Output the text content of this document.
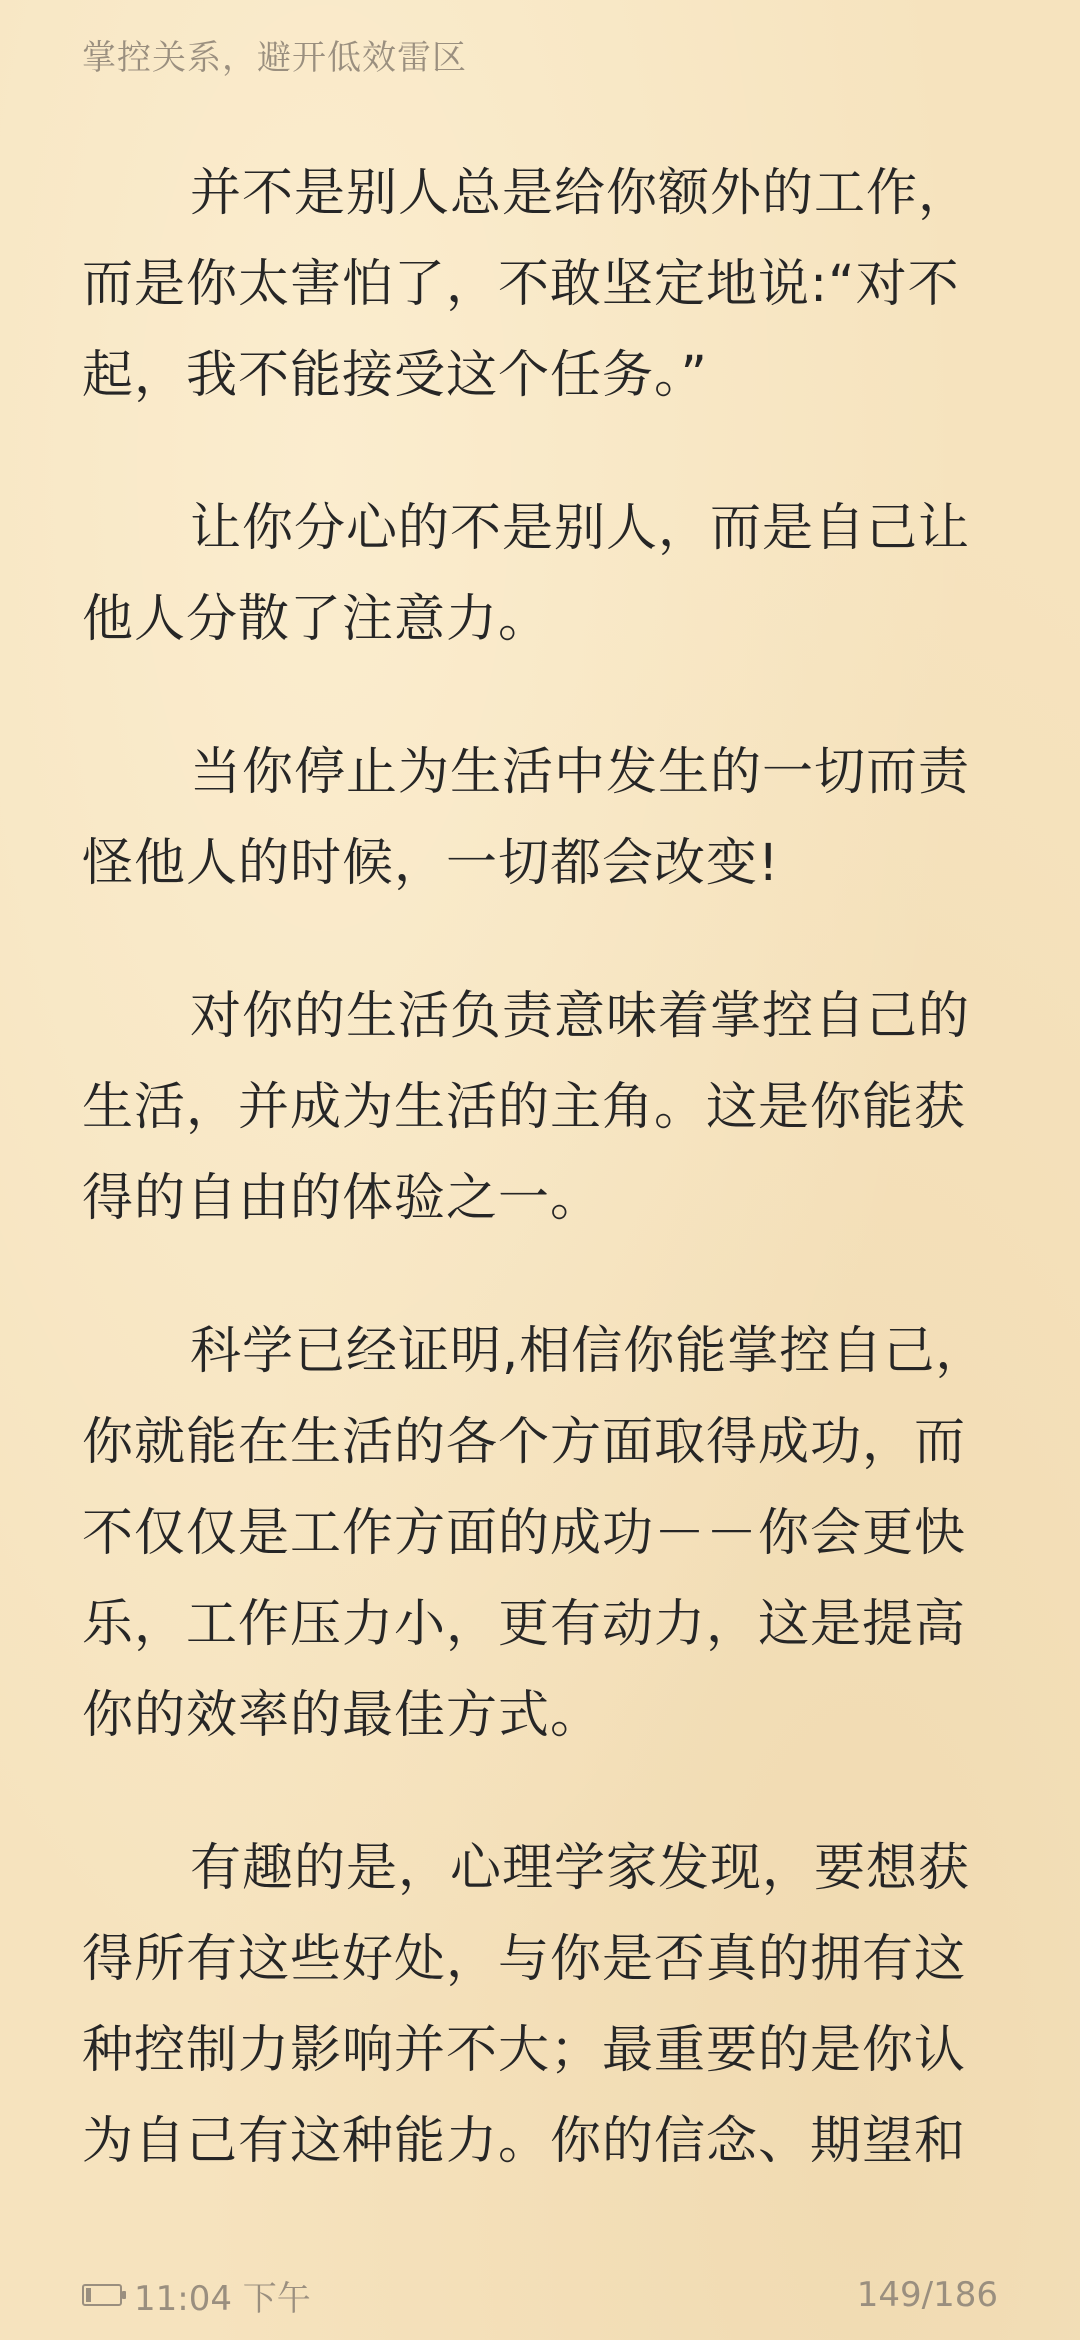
掌控关系，避开低效雷区

并不是别人总是给你额外的工作，而是你太害怕了，不敢坚定地说:“对不起，我不能接受这个任务。”

让你分心的不是别人，而是自己让他人分散了注意力。

当你停止为生活中发生的一切而责怪他人的时候，一切都会改变!

对你的生活负责意味着掌控自己的生活，并成为生活的主角。这是你能获得的自由的体验之一。

科学已经证明,相信你能掌控自己，你就能在生活的各个方面取得成功，而不仅仅是工作方面的成功－－你会更快乐，工作压力小，更有动力，这是提高你的效率的最佳方式。

有趣的是，心理学家发现，要想获得所有这些好处，与你是否真的拥有这种控制力影响并不大；最重要的是你认为自己有这种能力。你的信念、期望和

11:04 下午	149/186
